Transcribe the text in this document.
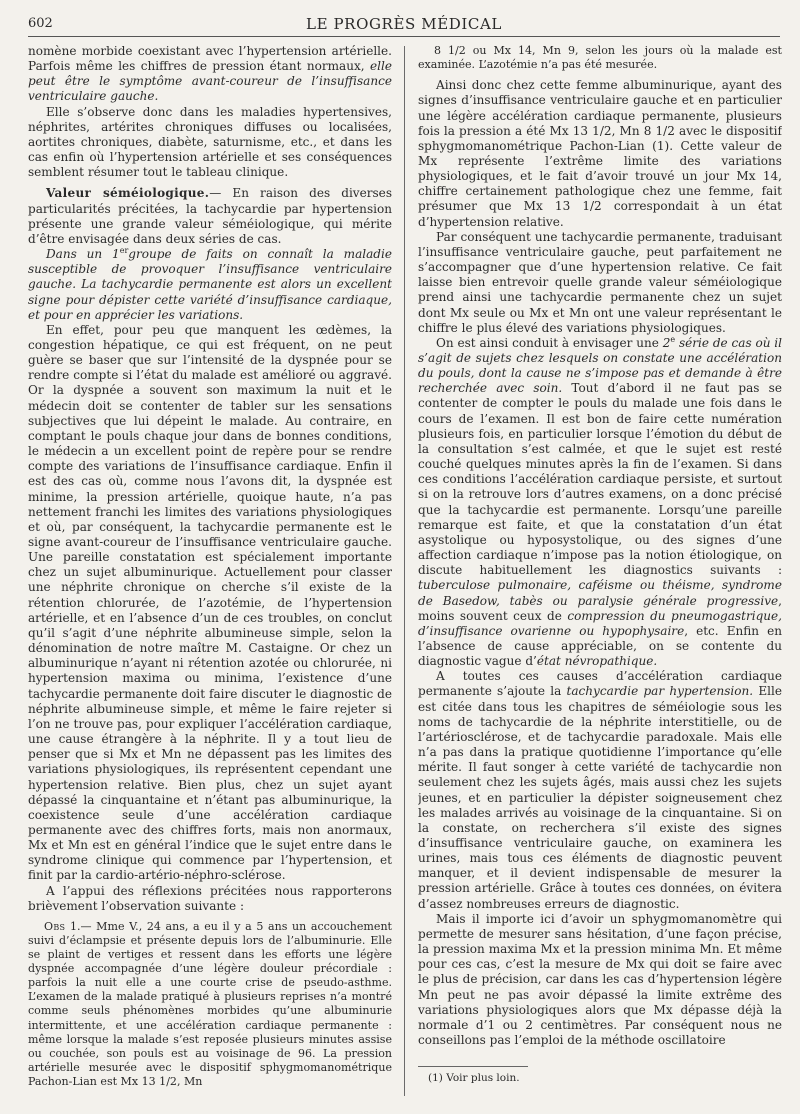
602	LE PROGRÈS MÉDICAL

nomène morbide coexistant avec l’hypertension artérielle. Parfois même les chiffres de pression étant normaux, elle peut être le symptôme avant-coureur de l’insuffisance ventriculaire gauche.

Elle s’observe donc dans les maladies hypertensives, néphrites, artérites chroniques diffuses ou localisées, aortites chroniques, diabète, saturnisme, etc., et dans les cas enfin où l’hypertension artérielle et ses conséquences semblent résumer tout le tableau clinique.

Valeur séméiologique.— En raison des diverses particularités précitées, la tachycardie par hypertension présente une grande valeur séméiologique, qui mérite d’être envisagée dans deux séries de cas.

Dans un 1ergroupe de faits on connaît la maladie susceptible de provoquer l’insuffisance ventriculaire gauche. La tachycardie permanente est alors un excellent signe pour dépister cette variété d’insuffisance cardiaque, et pour en apprécier les variations.

En effet, pour peu que manquent les œdèmes, la congestion hépatique, ce qui est fréquent, on ne peut guère se baser que sur l’intensité de la dyspnée pour se rendre compte si l’état du malade est amélioré ou aggravé. Or la dyspnée a souvent son maximum la nuit et le médecin doit se contenter de tabler sur les sensations subjectives que lui dépeint le malade. Au contraire, en comptant le pouls chaque jour dans de bonnes conditions, le médecin a un excellent point de repère pour se rendre compte des variations de l’insuffisance cardiaque. Enfin il est des cas où, comme nous l’avons dit, la dyspnée est minime, la pression artérielle, quoique haute, n’a pas nettement franchi les limites des variations physiologiques et où, par conséquent, la tachycardie permanente est le signe avant-coureur de l’insuffisance ventriculaire gauche. Une pareille constatation est spécialement importante chez un sujet albuminurique. Actuellement pour classer une néphrite chronique on cherche s’il existe de la rétention chlorurée, de l’azotémie, de l’hypertension artérielle, et en l’absence d’un de ces troubles, on conclut qu’il s’agit d’une néphrite albumineuse simple, selon la dénomination de notre maître M. Castaigne. Or chez un albuminurique n’ayant ni rétention azotée ou chlorurée, ni hypertension maxima ou minima, l’existence d’une tachycardie permanente doit faire discuter le diagnostic de néphrite albumineuse simple, et même le faire rejeter si l’on ne trouve pas, pour expliquer l’accélération cardiaque, une cause étrangère à la néphrite. Il y a tout lieu de penser que si Mx et Mn ne dépassent pas les limites des variations physiologiques, ils représentent cependant une hypertension relative. Bien plus, chez un sujet ayant dépassé la cinquantaine et n’étant pas albuminurique, la coexistence seule d’une accélération cardiaque permanente avec des chiffres forts, mais non anormaux, Mx et Mn est en général l’indice que le sujet entre dans le syndrome clinique qui commence par l’hypertension, et finit par la cardio-artério-néphro-sclérose.

A l’appui des réflexions précitées nous rapporterons brièvement l’observation suivante :

Obs 1.— Mme V., 24 ans, a eu il y a 5 ans un accouchement suivi d’éclampsie et présente depuis lors de l’albuminurie. Elle se plaint de vertiges et ressent dans les efforts une légère dyspnée accompagnée d’une légère douleur précordiale : parfois la nuit elle a une courte crise de pseudo-asthme. L’examen de la malade pratiqué à plusieurs reprises n’a montré comme seuls phénomènes morbides qu’une albuminurie intermittente, et une accélération cardiaque permanente : même lorsque la malade s’est reposée plusieurs minutes assise ou couchée, son pouls est au voisinage de 96. La pression artérielle mesurée avec le dispositif sphygmomanométrique Pachon-Lian est Mx 13 1/2, Mn

8 1/2 ou Mx 14, Mn 9, selon les jours où la malade est examinée. L’azotémie n’a pas été mesurée.

Ainsi donc chez cette femme albuminurique, ayant des signes d’insuffisance ventriculaire gauche et en particulier une légère accélération cardiaque permanente, plusieurs fois la pression a été Mx 13 1/2, Mn 8 1/2 avec le dispositif sphygmomanométrique Pachon-Lian (1). Cette valeur de Mx représente l’extrême limite des variations physiologiques, et le fait d’avoir trouvé un jour Mx 14, chiffre certainement pathologique chez une femme, fait présumer que Mx 13 1/2 correspondait à un état d’hypertension relative.

Par conséquent une tachycardie permanente, traduisant l’insuffisance ventriculaire gauche, peut parfaitement ne s’accompagner que d’une hypertension relative. Ce fait laisse bien entrevoir quelle grande valeur séméiologique prend ainsi une tachycardie permanente chez un sujet dont Mx seule ou Mx et Mn ont une valeur représentant le chiffre le plus élevé des variations physiologiques.

On est ainsi conduit à envisager une 2e série de cas où il s’agit de sujets chez lesquels on constate une accélération du pouls, dont la cause ne s’impose pas et demande à être recherchée avec soin. Tout d’abord il ne faut pas se contenter de compter le pouls du malade une fois dans le cours de l’examen. Il est bon de faire cette numération plusieurs fois, en particulier lorsque l’émotion du début de la consultation s’est calmée, et que le sujet est resté couché quelques minutes après la fin de l’examen. Si dans ces conditions l’accélération cardiaque persiste, et surtout si on la retrouve lors d’autres examens, on a donc précisé que la tachycardie est permanente. Lorsqu’une pareille remarque est faite, et que la constatation d’un état asystolique ou hyposystolique, ou des signes d’une affection cardiaque n’impose pas la notion étiologique, on discute habituellement les diagnostics suivants : tuberculose pulmonaire, caféisme ou théisme, syndrome de Basedow, tabès ou paralysie générale progressive, moins souvent ceux de compression du pneumogastrique, d’insuffisance ovarienne ou hypophysaire, etc. Enfin en l’absence de cause appréciable, on se contente du diagnostic vague d’état névropathique.

A toutes ces causes d’accélération cardiaque permanente s’ajoute la tachycardie par hypertension. Elle est citée dans tous les chapitres de séméiologie sous les noms de tachycardie de la néphrite interstitielle, ou de l’artériosclérose, et de tachycardie paradoxale. Mais elle n’a pas dans la pratique quotidienne l’importance qu’elle mérite. Il faut songer à cette variété de tachycardie non seulement chez les sujets âgés, mais aussi chez les sujets jeunes, et en particulier la dépister soigneusement chez les malades arrivés au voisinage de la cinquantaine. Si on la constate, on recherchera s’il existe des signes d’insuffisance ventriculaire gauche, on examinera les urines, mais tous ces éléments de diagnostic peuvent manquer, et il devient indispensable de mesurer la pression artérielle. Grâce à toutes ces données, on évitera d’assez nombreuses erreurs de diagnostic.

Mais il importe ici d’avoir un sphygmomanomètre qui permette de mesurer sans hésitation, d’une façon précise, la pression maxima Mx et la pression minima Mn. Et même pour ces cas, c’est la mesure de Mx qui doit se faire avec le plus de précision, car dans les cas d’hypertension légère Mn peut ne pas avoir dépassé la limite extrême des variations physiologiques alors que Mx dépasse déjà la normale d’1 ou 2 centimètres. Par conséquent nous ne conseillons pas l’emploi de la méthode oscillatoire

(1) Voir plus loin.
